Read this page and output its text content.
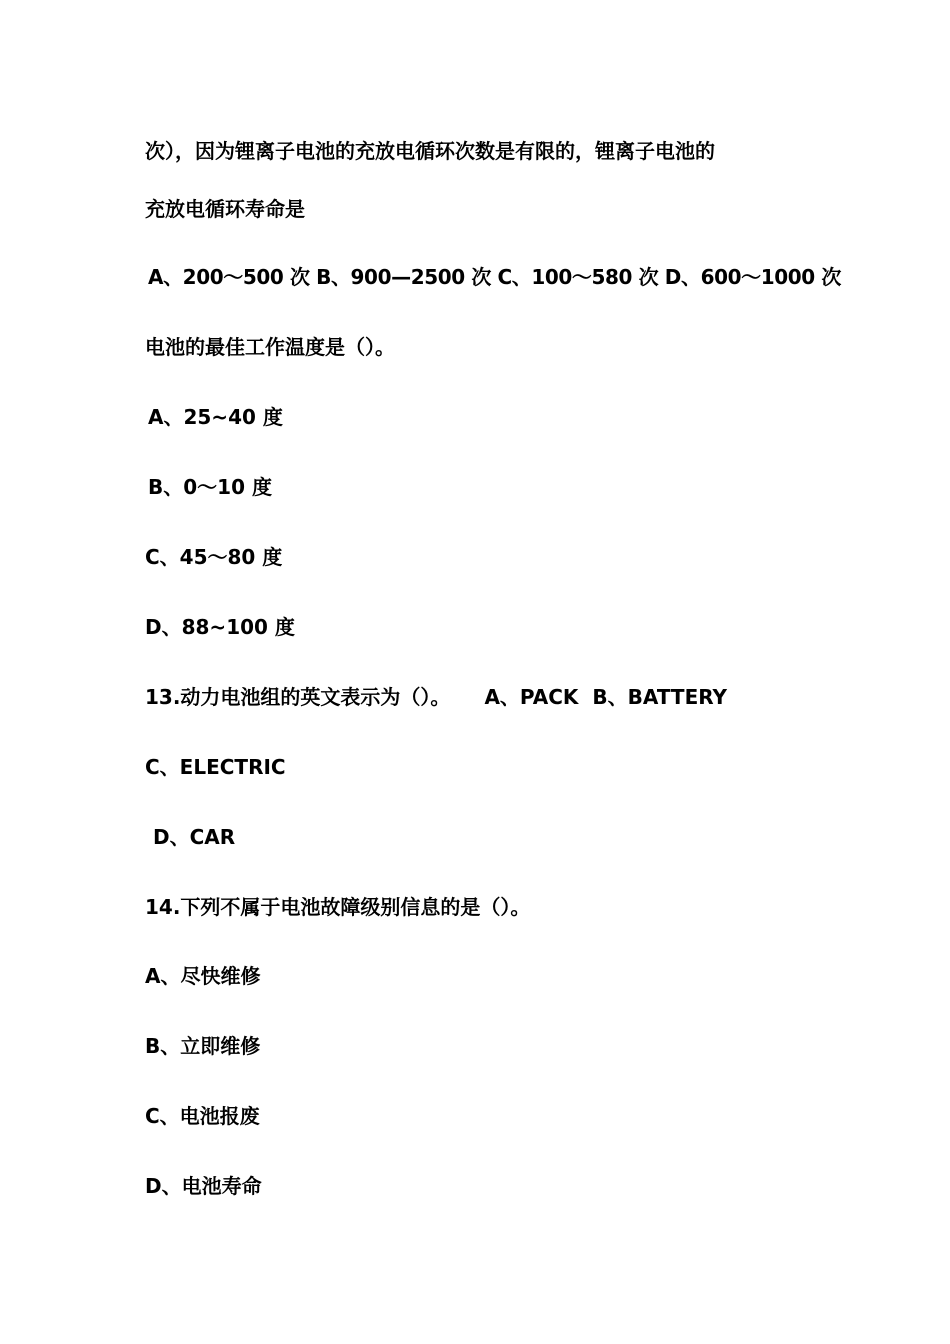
次），因为锂离子电池的充放电循环次数是有限的，锂离子电池的
充放电循环寿命是
A、200～500 次 B、900—2500 次 C、100～580 次 D、600～1000 次
电池的最佳工作温度是（）。
A、25~40 度
B、0～10 度
C、45～80 度
D、88~100 度
13.动力电池组的英文表示为（）。 A、PACK B、BATTERY
C、ELECTRIC
D、CAR
14.下列不属于电池故障级别信息的是（）。
A、尽快维修
B、立即维修
C、电池报废
D、电池寿命
